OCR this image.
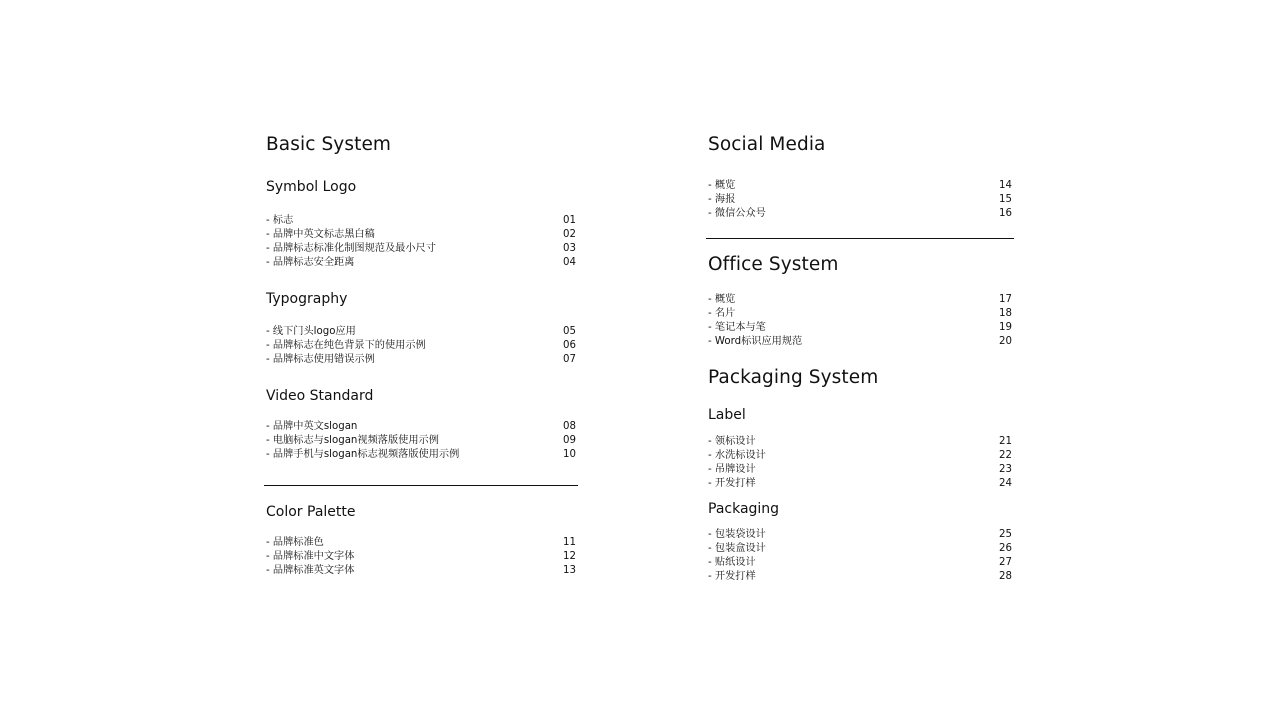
Basic System
Symbol Logo
- 标志	01
- 品牌中英文标志黑白稿	02
- 品牌标志标准化制图规范及最小尺寸	03
- 品牌标志安全距离	04
Typography
- 线下门头logo应用	05
- 品牌标志在纯色背景下的使用示例	06
- 品牌标志使用错误示例	07
Video Standard
- 品牌中英文slogan	08
- 电脑标志与slogan视频落版使用示例	09
- 品牌手机与slogan标志视频落版使用示例	10
Color Palette
- 品牌标准色	11
- 品牌标准中文字体	12
- 品牌标准英文字体	13
Social Media
- 概览	14
- 海报	15
- 微信公众号	16
Office System
- 概览	17
- 名片	18
- 笔记本与笔	19
- Word标识应用规范	20
Packaging System
Label
- 领标设计	21
- 水洗标设计	22
- 吊牌设计	23
- 开发打样	24
Packaging
- 包装袋设计	25
- 包装盒设计	26
- 贴纸设计	27
- 开发打样	28
